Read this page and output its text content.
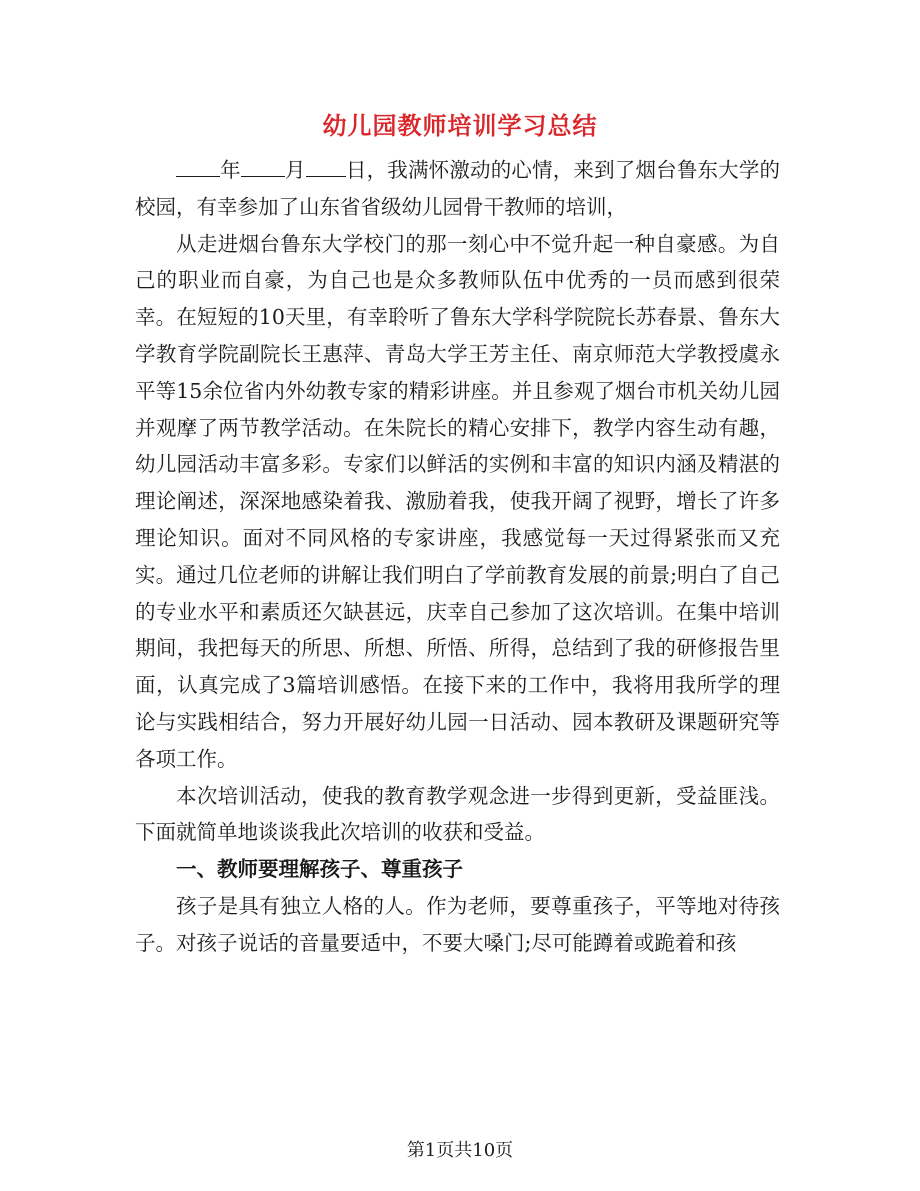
幼儿园教师培训学习总结

年 月 日，我满怀激动的心情，来到了烟台鲁东大学的校园，有幸参加了山东省省级幼儿园骨干教师的培训，

从走进烟台鲁东大学校门的那一刻心中不觉升起一种自豪感。为自己的职业而自豪，为自己也是众多教师队伍中优秀的一员而感到很荣幸。在短短的10天里，有幸聆听了鲁东大学科学院院长苏春景、鲁东大学教育学院副院长王惠萍、青岛大学王芳主任、南京师范大学教授虞永平等15余位省内外幼教专家的精彩讲座。并且参观了烟台市机关幼儿园并观摩了两节教学活动。在朱院长的精心安排下，教学内容生动有趣，幼儿园活动丰富多彩。专家们以鲜活的实例和丰富的知识内涵及精湛的理论阐述，深深地感染着我、激励着我，使我开阔了视野，增长了许多理论知识。面对不同风格的专家讲座，我感觉每一天过得紧张而又充实。通过几位老师的讲解让我们明白了学前教育发展的前景;明白了自己的专业水平和素质还欠缺甚远，庆幸自己参加了这次培训。在集中培训期间，我把每天的所思、所想、所悟、所得，总结到了我的研修报告里面，认真完成了3篇培训感悟。在接下来的工作中，我将用我所学的理论与实践相结合，努力开展好幼儿园一日活动、园本教研及课题研究等各项工作。

本次培训活动，使我的教育教学观念进一步得到更新，受益匪浅。下面就简单地谈谈我此次培训的收获和受益。

一、教师要理解孩子、尊重孩子

孩子是具有独立人格的人。作为老师，要尊重孩子，平等地对待孩子。对孩子说话的音量要适中，不要大嗓门;尽可能蹲着或跪着和孩

第1页共10页
